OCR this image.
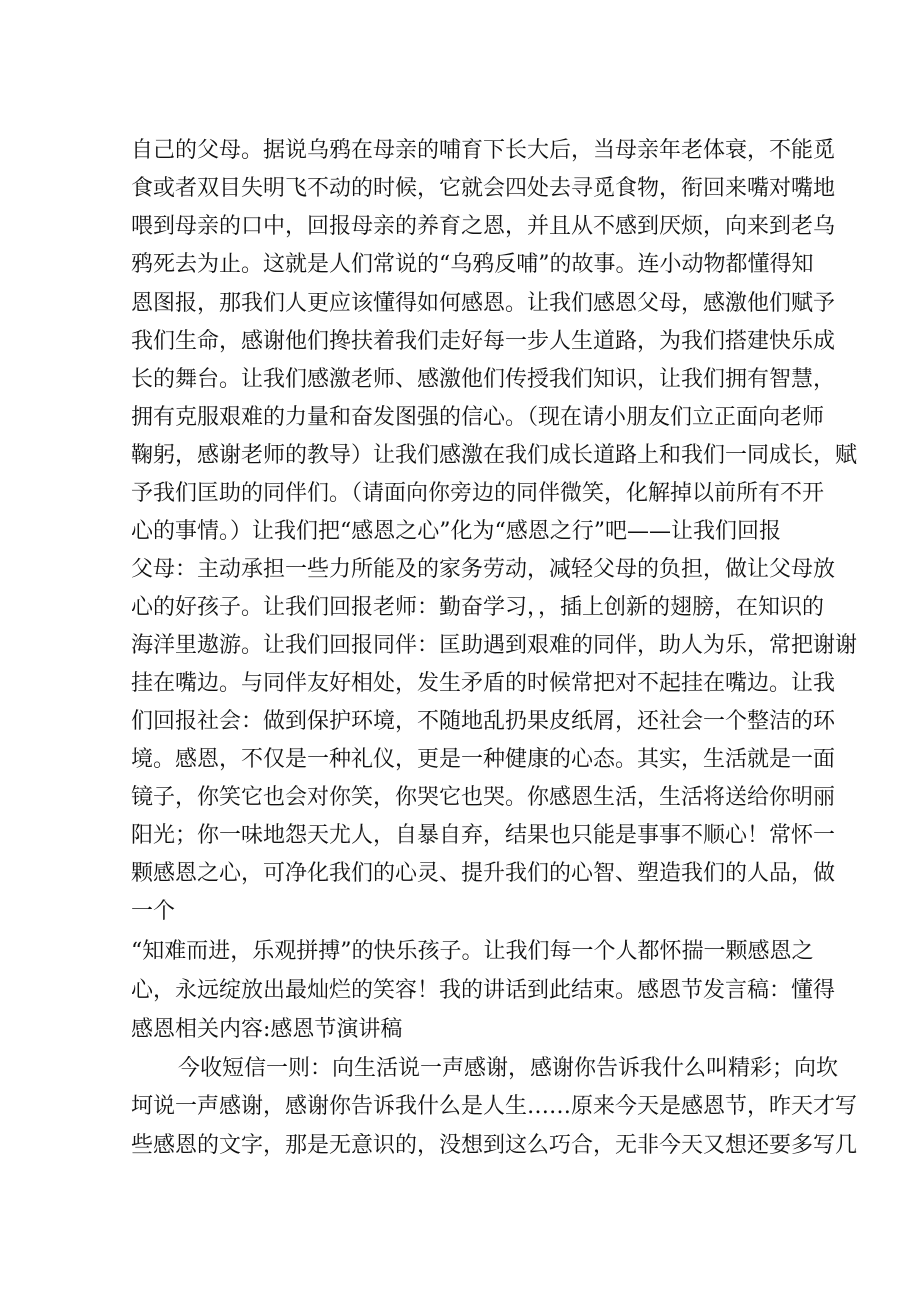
自己的父母。据说乌鸦在母亲的哺育下长大后，当母亲年老体衰，不能觅

食或者双目失明飞不动的时候，它就会四处去寻觅食物，衔回来嘴对嘴地

喂到母亲的口中，回报母亲的养育之恩，并且从不感到厌烦，向来到老乌

鸦死去为止。这就是人们常说的“乌鸦反哺”的故事。连小动物都懂得知

恩图报，那我们人更应该懂得如何感恩。让我们感恩父母，感激他们赋予

我们生命，感谢他们搀扶着我们走好每一步人生道路，为我们搭建快乐成

长的舞台。让我们感激老师、感激他们传授我们知识，让我们拥有智慧，

拥有克服艰难的力量和奋发图强的信心。（现在请小朋友们立正面向老师

鞠躬，感谢老师的教导）让我们感激在我们成长道路上和我们一同成长，赋

予我们匡助的同伴们。（请面向你旁边的同伴微笑，化解掉以前所有不开

心的事情。）让我们把“感恩之心”化为“感恩之行”吧——让我们回报

父母：主动承担一些力所能及的家务劳动，减轻父母的负担，做让父母放

心的好孩子。让我们回报老师：勤奋学习，，插上创新的翅膀，在知识的

海洋里遨游。让我们回报同伴：匡助遇到艰难的同伴，助人为乐，常把谢谢

挂在嘴边。与同伴友好相处，发生矛盾的时候常把对不起挂在嘴边。让我

们回报社会：做到保护环境，不随地乱扔果皮纸屑，还社会一个整洁的环

境。感恩，不仅是一种礼仪，更是一种健康的心态。其实，生活就是一面

镜子，你笑它也会对你笑，你哭它也哭。你感恩生活，生活将送给你明丽

阳光；你一味地怨天尤人，自暴自弃，结果也只能是事事不顺心！常怀一

颗感恩之心，可净化我们的心灵、提升我们的心智、塑造我们的人品，做

一个

“知难而进，乐观拼搏”的快乐孩子。让我们每一个人都怀揣一颗感恩之

心，永远绽放出最灿烂的笑容！我的讲话到此结束。感恩节发言稿：懂得

感恩相关内容:感恩节演讲稿

今收短信一则：向生活说一声感谢，感谢你告诉我什么叫精彩；向坎

坷说一声感谢，感谢你告诉我什么是人生……原来今天是感恩节，昨天才写

些感恩的文字，那是无意识的，没想到这么巧合，无非今天又想还要多写几
